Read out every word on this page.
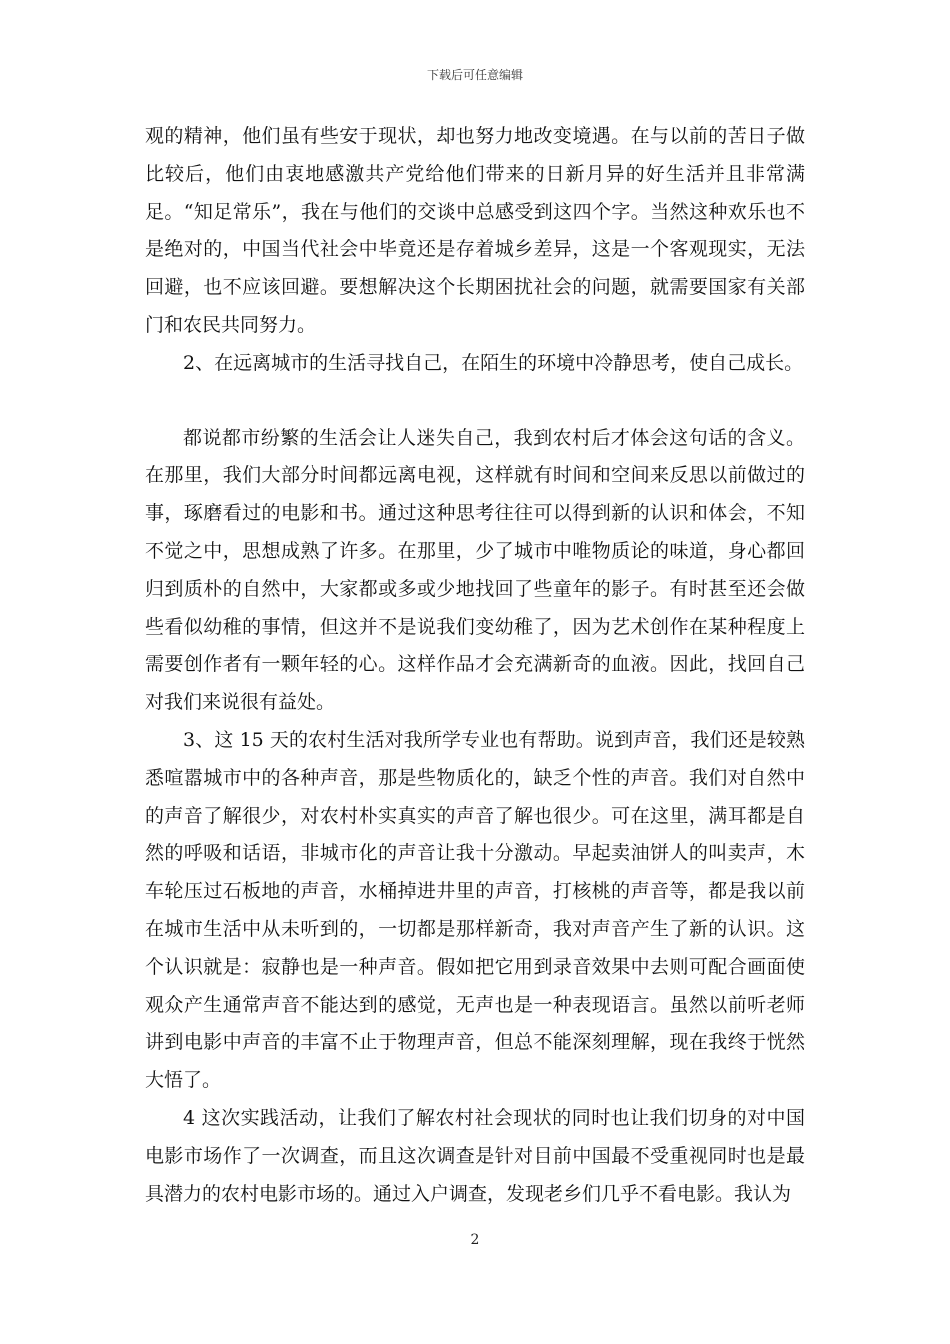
下载后可任意编辑

观的精神，他们虽有些安于现状，却也努力地改变境遇。在与以前的苦日子做比较后，他们由衷地感激共产党给他们带来的日新月异的好生活并且非常满足。“知足常乐”，我在与他们的交谈中总感受到这四个字。当然这种欢乐也不是绝对的，中国当代社会中毕竟还是存着城乡差异，这是一个客观现实，无法回避，也不应该回避。要想解决这个长期困扰社会的问题，就需要国家有关部门和农民共同努力。

2、在远离城市的生活寻找自己，在陌生的环境中冷静思考，使自己成长。

都说都市纷繁的生活会让人迷失自己，我到农村后才体会这句话的含义。在那里，我们大部分时间都远离电视，这样就有时间和空间来反思以前做过的事，琢磨看过的电影和书。通过这种思考往往可以得到新的认识和体会，不知不觉之中，思想成熟了许多。在那里，少了城市中唯物质论的味道，身心都回归到质朴的自然中，大家都或多或少地找回了些童年的影子。有时甚至还会做些看似幼稚的事情，但这并不是说我们变幼稚了，因为艺术创作在某种程度上需要创作者有一颗年轻的心。这样作品才会充满新奇的血液。因此，找回自己对我们来说很有益处。

3、这 15 天的农村生活对我所学专业也有帮助。说到声音，我们还是较熟悉喧嚣城市中的各种声音，那是些物质化的，缺乏个性的声音。我们对自然中的声音了解很少，对农村朴实真实的声音了解也很少。可在这里，满耳都是自然的呼吸和话语，非城市化的声音让我十分激动。早起卖油饼人的叫卖声，木车轮压过石板地的声音，水桶掉进井里的声音，打核桃的声音等，都是我以前在城市生活中从未听到的，一切都是那样新奇，我对声音产生了新的认识。这个认识就是：寂静也是一种声音。假如把它用到录音效果中去则可配合画面使观众产生通常声音不能达到的感觉，无声也是一种表现语言。虽然以前听老师讲到电影中声音的丰富不止于物理声音，但总不能深刻理解，现在我终于恍然大悟了。

4 这次实践活动，让我们了解农村社会现状的同时也让我们切身的对中国电影市场作了一次调查，而且这次调查是针对目前中国最不受重视同时也是最具潜力的农村电影市场的。通过入户调查，发现老乡们几乎不看电影。我认为

2
